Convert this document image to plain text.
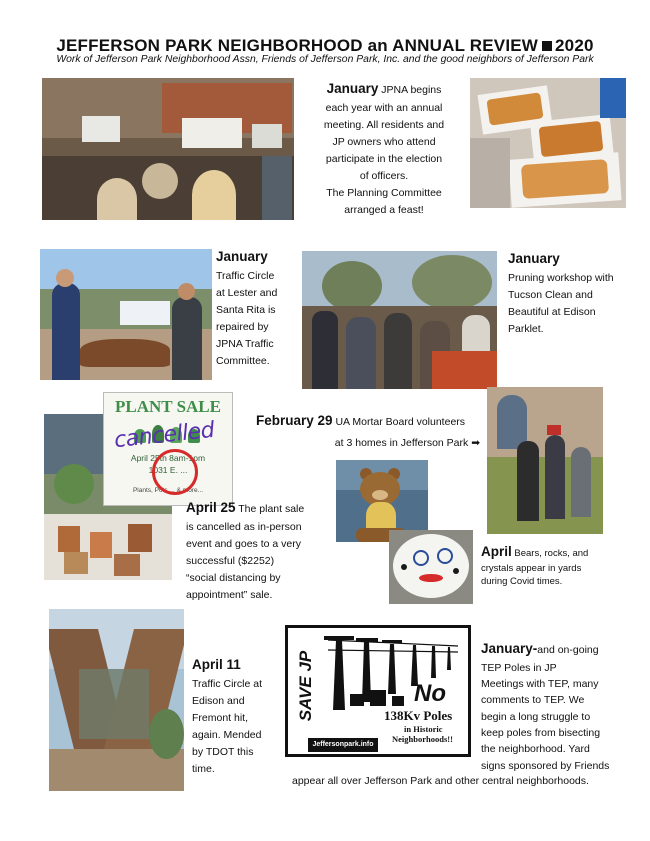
JEFFERSON PARK NEIGHBORHOOD an ANNUAL REVIEW 2020
Work of Jefferson Park Neighborhood Assn, Friends of Jefferson Park, Inc. and the good neighbors of Jefferson Park
January JPNA begins
each year with an annual
meeting. All residents and
JP owners who attend
participate in the election
of officers.
The Planning Committee
arranged a feast!
January
Traffic Circle
at Lester and
Santa Rita is
repaired by
JPNA Traffic
Committee.
January
Pruning workshop with
Tucson Clean and
Beautiful at Edison
Parklet.
PLANT SALE
April 25th 8am-1pm
1031 E. ...
Plants, Pots ... & more...
cancelled	February 29 UA Mortar Board volunteers
at 3 homes in Jefferson Park ➡
April 25 The plant sale
is cancelled as in-person
event and goes to a very
successful ($2252)
“social distancing by
appointment” sale.
April Bears, rocks, and
crystals appear in yards
during Covid times.
April 11
Traffic Circle at
Edison and
Fremont hit,
again. Mended
by TDOT this
time.
SAVE JP	No
138Kv Poles
in Historic
Neighborhoods!!
Jeffersonpark.info
January-and on-going
TEP Poles in JP
Meetings with TEP, many
comments to TEP. We
begin a long struggle to
keep poles from bisecting
the neighborhood. Yard
signs sponsored by Friends
appear all over Jefferson Park and other central neighborhoods.
